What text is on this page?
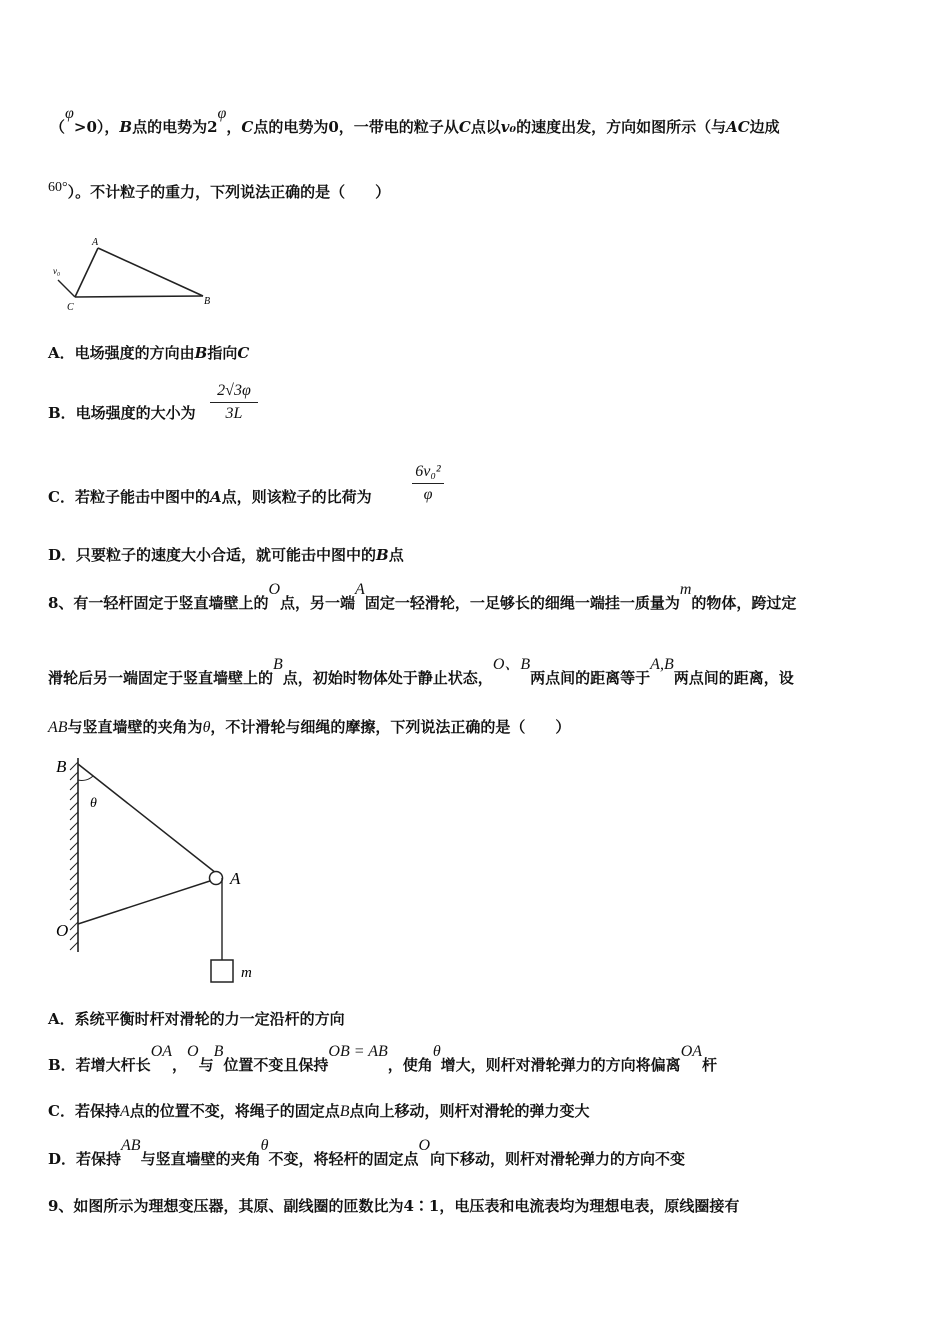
（φ>0），B点的电势为2φ，C点的电势为0，一带电的粒子从C点以v₀的速度出发，方向如图所示（与AC边成
60°）。不计粒子的重力，下列说法正确的是（　　）
A
B
C
v₀
A．电场强度的方向由B指向C
B．电场强度的大小为
2√3φ
3L
C．若粒子能击中图中的A点，则该粒子的比荷为
6v₀²
φ
D．只要粒子的速度大小合适，就可能击中图中的B点
8、有一轻杆固定于竖直墙壁上的O点，另一端A固定一轻滑轮，一足够长的细绳一端挂一质量为m的物体，跨过定
滑轮后另一端固定于竖直墙壁上的B点，初始时物体处于静止状态，O、B两点间的距离等于A,B两点间的距离，设
AB与竖直墙壁的夹角为θ，不计滑轮与细绳的摩擦，下列说法正确的是（　　）
B
θ
A
O
m
A．系统平衡时杆对滑轮的力一定沿杆的方向
B．若增大杆长OA，O与B位置不变且保持OB = AB，使角θ增大，则杆对滑轮弹力的方向将偏离OA杆
C．若保持A点的位置不变，将绳子的固定点B点向上移动，则杆对滑轮的弹力变大
D．若保持AB与竖直墙壁的夹角θ不变，将轻杆的固定点O向下移动，则杆对滑轮弹力的方向不变
9、如图所示为理想变压器，其原、副线圈的匝数比为4∶1，电压表和电流表均为理想电表，原线圈接有
